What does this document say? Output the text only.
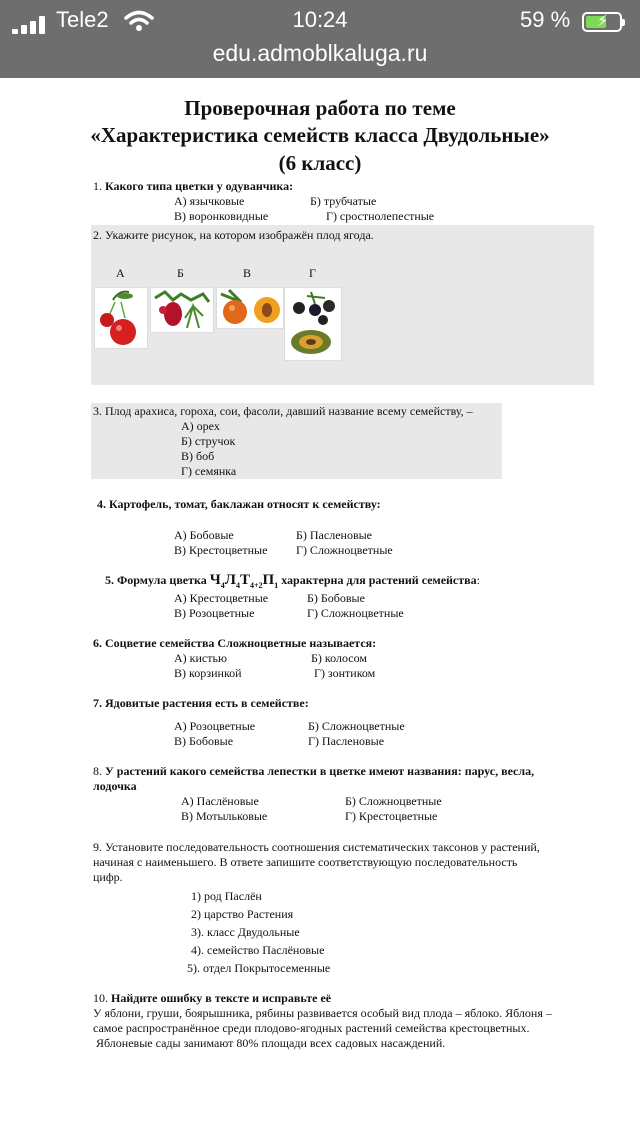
Tele2	10:24	59 % ⚡
edu.admoblkaluga.ru
Проверочная работа по теме
«Характеристика семейств класса Двудольные»
(6 класс)
1. Какого типа цветки у одуванчика:
А) язычковые	Б) трубчатые
В) воронковидные	Г) сростнолепестные
2. Укажите рисунок, на котором изображён плод ягода.
А	Б	В	Г
3. Плод арахиса, гороха, сои, фасоли, давший название всему семейству, –
А) орех
Б) стручок
В) боб
Г) семянка
4. Картофель, томат, баклажан относят к семейству:
А) Бобовые	Б) Пасленовые
В) Крестоцветные Г) Сложноцветные
5. Формула цветка $Ч_4Л_4Т_{4+2}П_1$ характерна для растений семейства:
А) Крестоцветные	Б) Бобовые
В) Розоцветные	Г) Сложноцветные
6. Соцветие семейства Сложноцветные называется:
А) кистью	Б) колосом
В) корзинкой	Г) зонтиком
7. Ядовитые растения есть в семействе:
А) Розоцветные	Б) Сложноцветные
В) Бобовые	Г) Пасленовые
8. У растений какого семейства лепестки в цветке имеют названия: парус, весла,
лодочка
А) Паслёновые	Б) Сложноцветные
В) Мотыльковые	Г) Крестоцветные
9. Установите последовательность соотношения систематических таксонов у растений,
начиная с наименьшего. В ответе запишите соответствующую последовательность
цифр.
1) род Паслён
2) царство Растения
3). класс Двудольные
4). семейство Паслёновые
5). отдел Покрытосеменные
10. Найдите ошибку в тексте и исправьте её
У яблони, груши, боярышника, рябины развивается особый вид плода – яблоко. Яблоня –
самое распространённое среди плодово-ягодных растений семейства крестоцветных.
Яблоневые сады занимают 80% площади всех садовых насаждений.
